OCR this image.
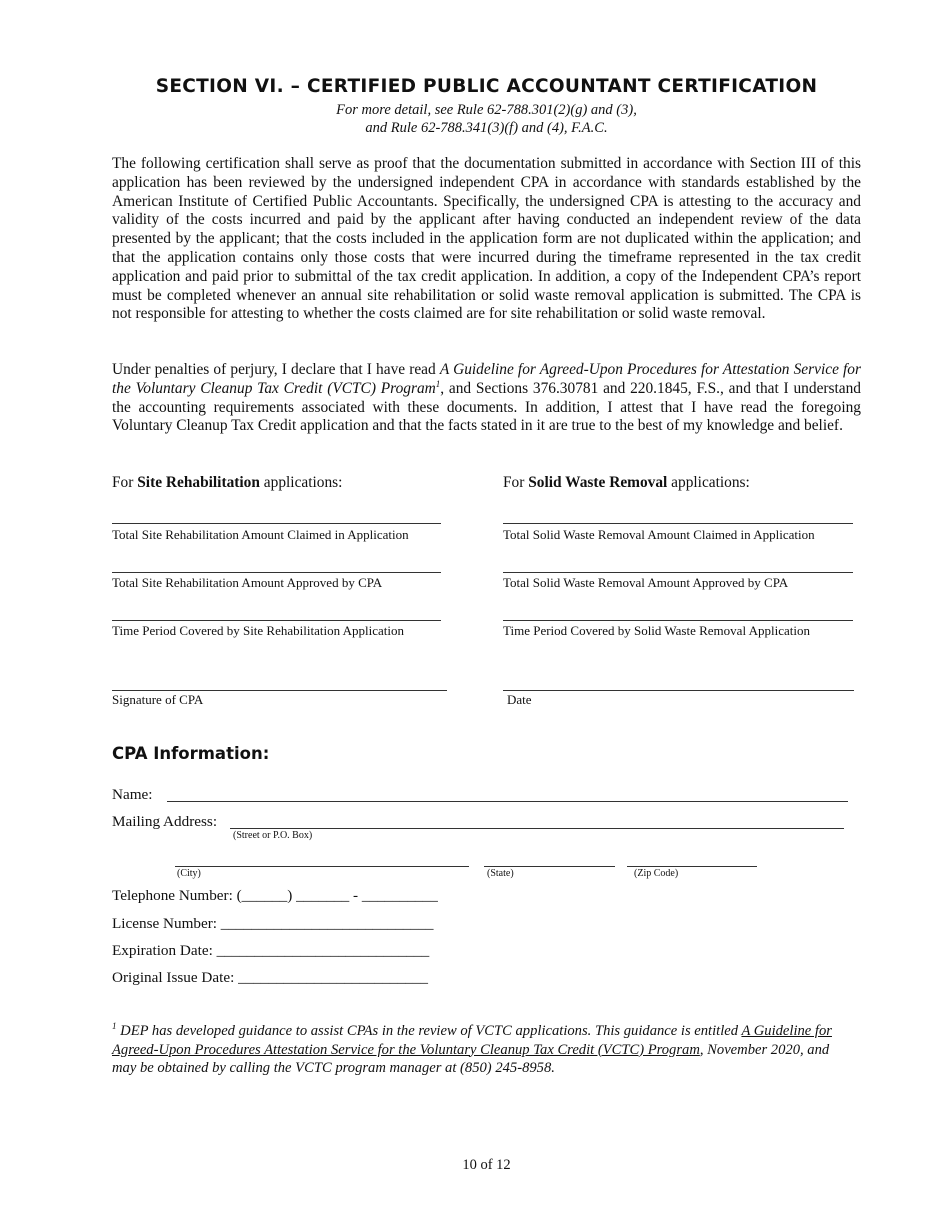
SECTION VI. – CERTIFIED PUBLIC ACCOUNTANT CERTIFICATION
For more detail, see Rule 62-788.301(2)(g) and (3),
and Rule 62-788.341(3)(f) and (4), F.A.C.
The following certification shall serve as proof that the documentation submitted in accordance with Section III of this application has been reviewed by the undersigned independent CPA in accordance with standards established by the American Institute of Certified Public Accountants. Specifically, the undersigned CPA is attesting to the accuracy and validity of the costs incurred and paid by the applicant after having conducted an independent review of the data presented by the applicant; that the costs included in the application form are not duplicated within the application; and that the application contains only those costs that were incurred during the timeframe represented in the tax credit application and paid prior to submittal of the tax credit application. In addition, a copy of the Independent CPA’s report must be completed whenever an annual site rehabilitation or solid waste removal application is submitted. The CPA is not responsible for attesting to whether the costs claimed are for site rehabilitation or solid waste removal.
Under penalties of perjury, I declare that I have read A Guideline for Agreed-Upon Procedures for Attestation Service for the Voluntary Cleanup Tax Credit (VCTC) Program$^1$, and Sections 376.30781 and 220.1845, F.S., and that I understand the accounting requirements associated with these documents. In addition, I attest that I have read the foregoing Voluntary Cleanup Tax Credit application and that the facts stated in it are true to the best of my knowledge and belief.
For Site Rehabilitation applications:
Total Site Rehabilitation Amount Claimed in Application
Total Site Rehabilitation Amount Approved by CPA
Time Period Covered by Site Rehabilitation Application
For Solid Waste Removal applications:
Total Solid Waste Removal Amount Claimed in Application
Total Solid Waste Removal Amount Approved by CPA
Time Period Covered by Solid Waste Removal Application
Signature of CPA	Date
CPA Information:
Name:
Mailing Address:
(Street or P.O. Box)
(City)	(State)	(Zip Code)
Telephone Number: (______) _______ - __________
License Number: ____________________________
Expiration Date: ____________________________
Original Issue Date: _________________________
$^1$ DEP has developed guidance to assist CPAs in the review of VCTC applications. This guidance is entitled A Guideline for Agreed-Upon Procedures Attestation Service for the Voluntary Cleanup Tax Credit (VCTC) Program, November 2020, and may be obtained by calling the VCTC program manager at (850) 245-8958.
10 of 12
